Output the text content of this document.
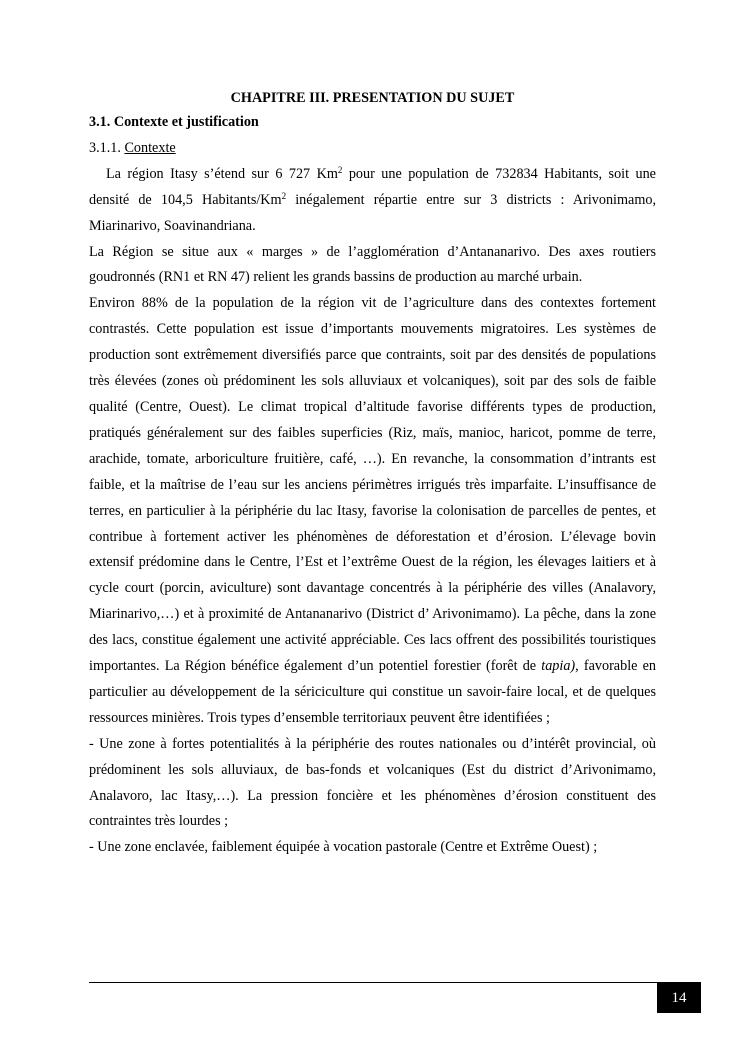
CHAPITRE III. PRESENTATION DU SUJET
3.1. Contexte et justification
3.1.1. Contexte

La région Itasy s’étend sur 6 727 Km$^2$ pour une population de 732834 Habitants, soit une densité de 104,5 Habitants/Km$^2$ inégalement répartie entre sur 3 districts : Arivonimamo, Miarinarivo, Soavinandriana.

La Région se situe aux « marges » de l’agglomération d’Antananarivo. Des axes routiers goudronnés (RN1 et RN 47) relient les grands bassins de production au marché urbain.

Environ 88% de la population de la région vit de l’agriculture dans des contextes fortement contrastés. Cette population est issue d’importants mouvements migratoires. Les systèmes de production sont extrêmement diversifiés parce que contraints, soit par des densités de populations très élevées (zones où prédominent les sols alluviaux et volcaniques), soit par des sols de faible qualité (Centre, Ouest). Le climat tropical d’altitude favorise différents types de production, pratiqués généralement sur des faibles superficies (Riz, maïs, manioc, haricot, pomme de terre, arachide, tomate, arboriculture fruitière, café, …). En revanche, la consommation d’intrants est faible, et la maîtrise de l’eau sur les anciens périmètres irrigués très imparfaite. L’insuffisance de terres, en particulier à la périphérie du lac Itasy, favorise la colonisation de parcelles de pentes, et contribue à fortement activer les phénomènes de déforestation et d’érosion. L’élevage bovin extensif prédomine dans le Centre, l’Est et l’extrême Ouest de la région, les élevages laitiers et à cycle court (porcin, aviculture) sont davantage concentrés à la périphérie des villes (Analavory, Miarinarivo,…) et à proximité de Antananarivo (District d’ Arivonimamo). La pêche, dans la zone des lacs, constitue également une activité appréciable. Ces lacs offrent des possibilités touristiques importantes. La Région bénéfice également d’un potentiel forestier (forêt de tapia), favorable en particulier au développement de la sériciculture qui constitue un savoir-faire local, et de quelques ressources minières. Trois types d’ensemble territoriaux peuvent être identifiées ;

- Une zone à fortes potentialités à la périphérie des routes nationales ou d’intérêt provincial, où prédominent les sols alluviaux, de bas-fonds et volcaniques (Est du district d’Arivonimamo, Analavoro, lac Itasy,…). La pression foncière et les phénomènes d’érosion constituent des contraintes très lourdes ;

- Une zone enclavée, faiblement équipée à vocation pastorale (Centre et Extrême Ouest) ;

14
